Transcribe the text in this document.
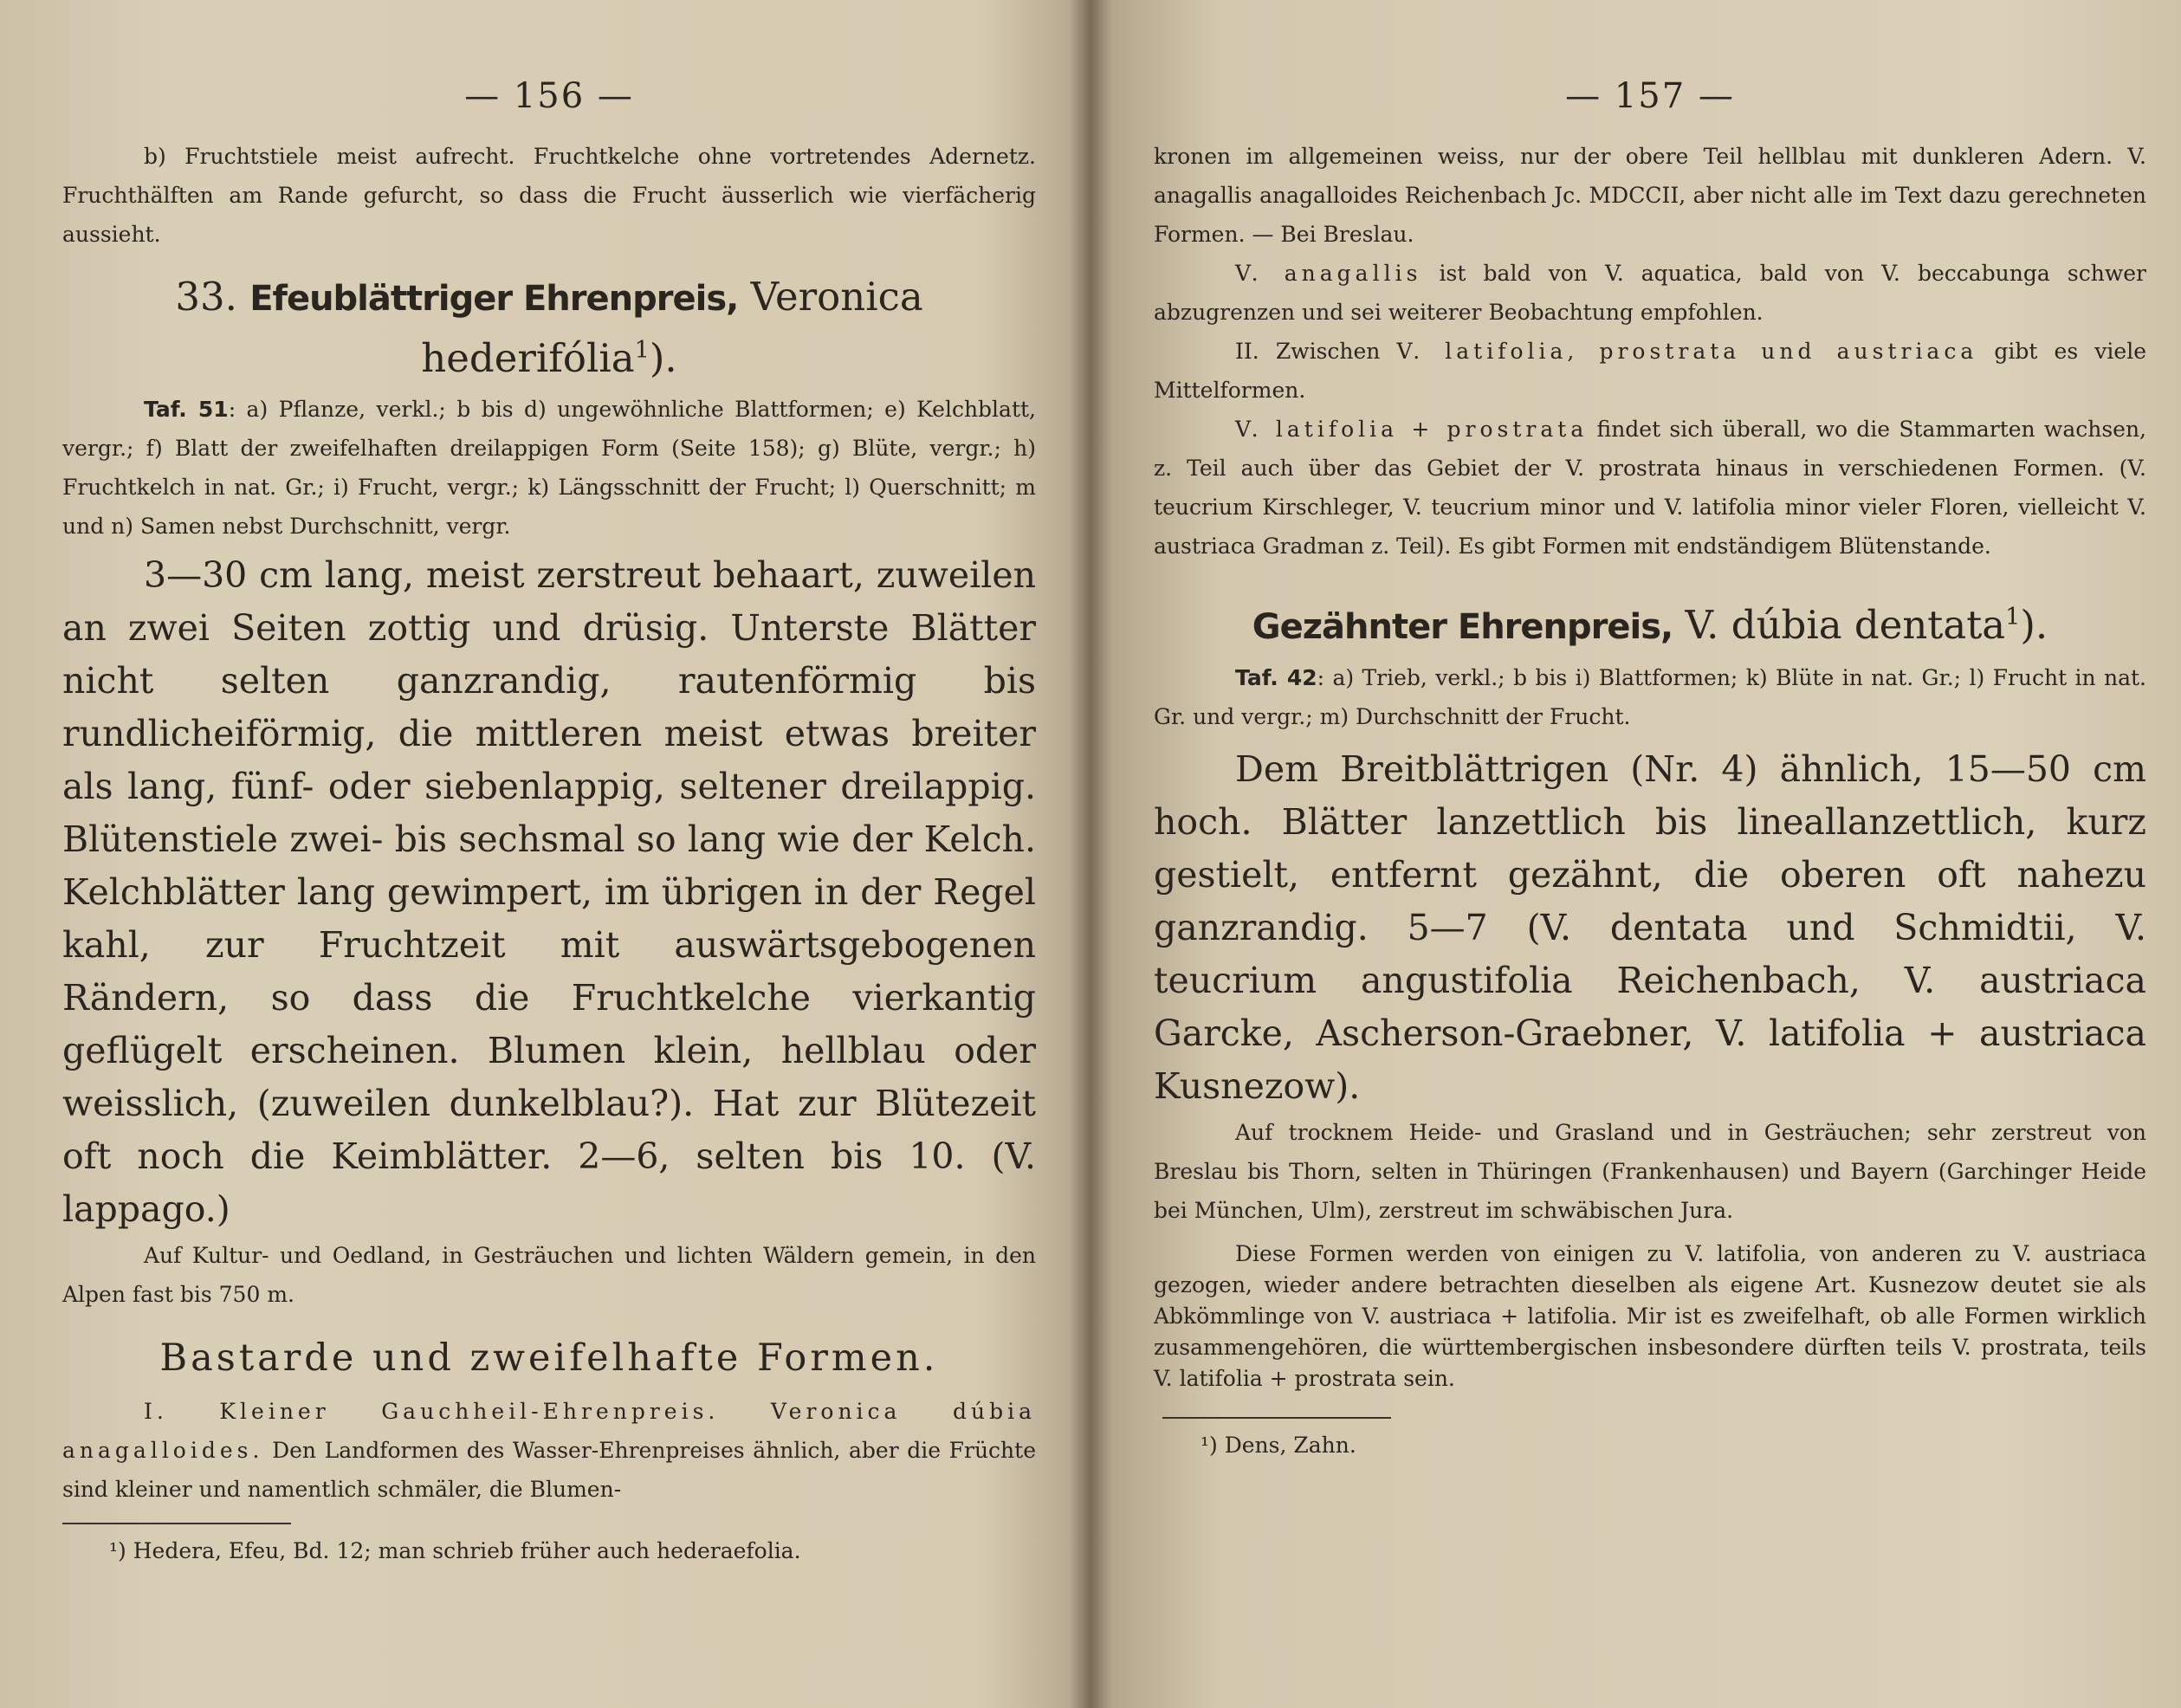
— 156 —

b) Fruchtstiele meist aufrecht. Fruchtkelche ohne vortretendes Adernetz. Fruchthälften am Rande gefurcht, so dass die Frucht äusserlich wie vierfächerig aussieht.

33. Efeublättriger Ehrenpreis, Veronica
hederifólia$^1$).

Taf. 51: a) Pflanze, verkl.; b bis d) ungewöhnliche Blattformen; e) Kelchblatt, vergr.; f) Blatt der zweifelhaften dreilappigen Form (Seite 158); g) Blüte, vergr.; h) Fruchtkelch in nat. Gr.; i) Frucht, vergr.; k) Längsschnitt der Frucht; l) Querschnitt; m und n) Samen nebst Durchschnitt, vergr.

3—30 cm lang, meist zerstreut behaart, zuweilen an zwei Seiten zottig und drüsig. Unterste Blätter nicht selten ganzrandig, rautenförmig bis rundlicheiförmig, die mittleren meist etwas breiter als lang, fünf- oder siebenlappig, seltener dreilappig. Blütenstiele zwei- bis sechsmal so lang wie der Kelch. Kelchblätter lang gewimpert, im übrigen in der Regel kahl, zur Fruchtzeit mit auswärtsgebogenen Rändern, so dass die Fruchtkelche vierkantig geflügelt erscheinen. Blumen klein, hellblau oder weisslich, (zuweilen dunkelblau?). Hat zur Blütezeit oft noch die Keimblätter. 2—6, selten bis 10. (V. lappago.)

Auf Kultur- und Oedland, in Gesträuchen und lichten Wäldern gemein, in den Alpen fast bis 750 m.

Bastarde und zweifelhafte Formen.

I. Kleiner Gauchheil-Ehrenpreis. Veronica dúbia anagalloides. Den Landformen des Wasser-Ehrenpreises ähnlich, aber die Früchte sind kleiner und namentlich schmäler, die Blumen-

¹) Hedera, Efeu, Bd. 12; man schrieb früher auch hederaefolia.

— 157 —

kronen im allgemeinen weiss, nur der obere Teil hellblau mit dunkleren Adern. V. anagallis anagalloides Reichenbach Jc. MDCCII, aber nicht alle im Text dazu gerechneten Formen. — Bei Breslau.

V. anagallis ist bald von V. aquatica, bald von V. beccabunga schwer abzugrenzen und sei weiterer Beobachtung empfohlen.

II. Zwischen V. latifolia, prostrata und austriaca gibt es viele Mittelformen.

V. latifolia + prostrata findet sich überall, wo die Stammarten wachsen, z. Teil auch über das Gebiet der V. prostrata hinaus in verschiedenen Formen. (V. teucrium Kirschleger, V. teucrium minor und V. latifolia minor vieler Floren, vielleicht V. austriaca Gradman z. Teil). Es gibt Formen mit endständigem Blütenstande.

Gezähnter Ehrenpreis, V. dúbia dentata$^1$).

Taf. 42: a) Trieb, verkl.; b bis i) Blattformen; k) Blüte in nat. Gr.; l) Frucht in nat. Gr. und vergr.; m) Durchschnitt der Frucht.

Dem Breitblättrigen (Nr. 4) ähnlich, 15—50 cm hoch. Blätter lanzettlich bis lineallanzettlich, kurz gestielt, entfernt gezähnt, die oberen oft nahezu ganzrandig. 5—7 (V. dentata und Schmidtii, V. teucrium angustifolia Reichenbach, V. austriaca Garcke, Ascherson-Graebner, V. latifolia + austriaca Kusnezow).

Auf trocknem Heide- und Grasland und in Gesträuchen; sehr zerstreut von Breslau bis Thorn, selten in Thüringen (Frankenhausen) und Bayern (Garchinger Heide bei München, Ulm), zerstreut im schwäbischen Jura.

Diese Formen werden von einigen zu V. latifolia, von anderen zu V. austriaca gezogen, wieder andere betrachten dieselben als eigene Art. Kusnezow deutet sie als Abkömmlinge von V. austriaca + latifolia. Mir ist es zweifelhaft, ob alle Formen wirklich zusammengehören, die württembergischen insbesondere dürften teils V. prostrata, teils V. latifolia + prostrata sein.

¹) Dens, Zahn.
